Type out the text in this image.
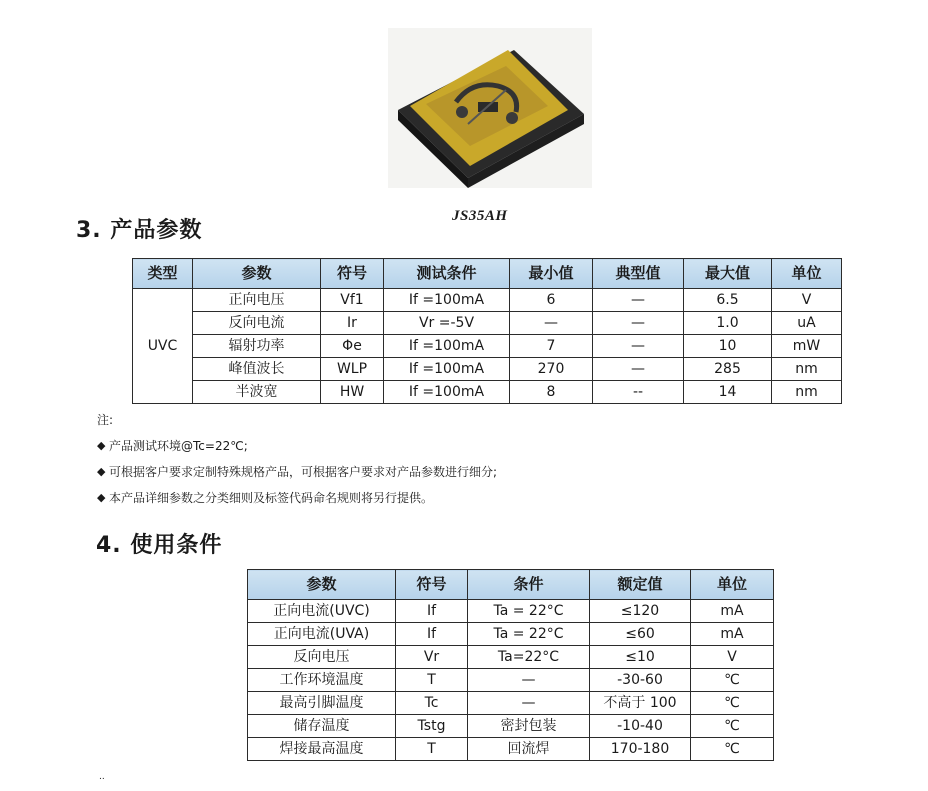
JS35AH
3. 产品参数
类型	参数	符号	测试条件	最小值	典型值	最大值	单位
UVC	正向电压	Vf1	If =100mA	6	—	6.5	V
	反向电流	Ir	Vr =-5V	—	—	1.0	uA
	辐射功率	Φe	If =100mA	7	—	10	mW
	峰值波长	WLP	If =100mA	270	—	285	nm
	半波宽	HW	If =100mA	8	--	14	nm
注:
◆ 产品测试环境@Tc=22℃;
◆ 可根据客户要求定制特殊规格产品，可根据客户要求对产品参数进行细分;
◆ 本产品详细参数之分类细则及标签代码命名规则将另行提供。
4. 使用条件
参数	符号	条件	额定值	单位
正向电流(UVC)	If	Ta = 22°C	≤120	mA
正向电流(UVA)	If	Ta = 22°C	≤60	mA
反向电压	Vr	Ta=22°C	≤10	V
工作环境温度	T	—	-30-60	℃
最高引脚温度	Tc	—	不高于 100	℃
储存温度	Tstg	密封包装	-10-40	℃
焊接最高温度	T	回流焊	170-180	℃
..
